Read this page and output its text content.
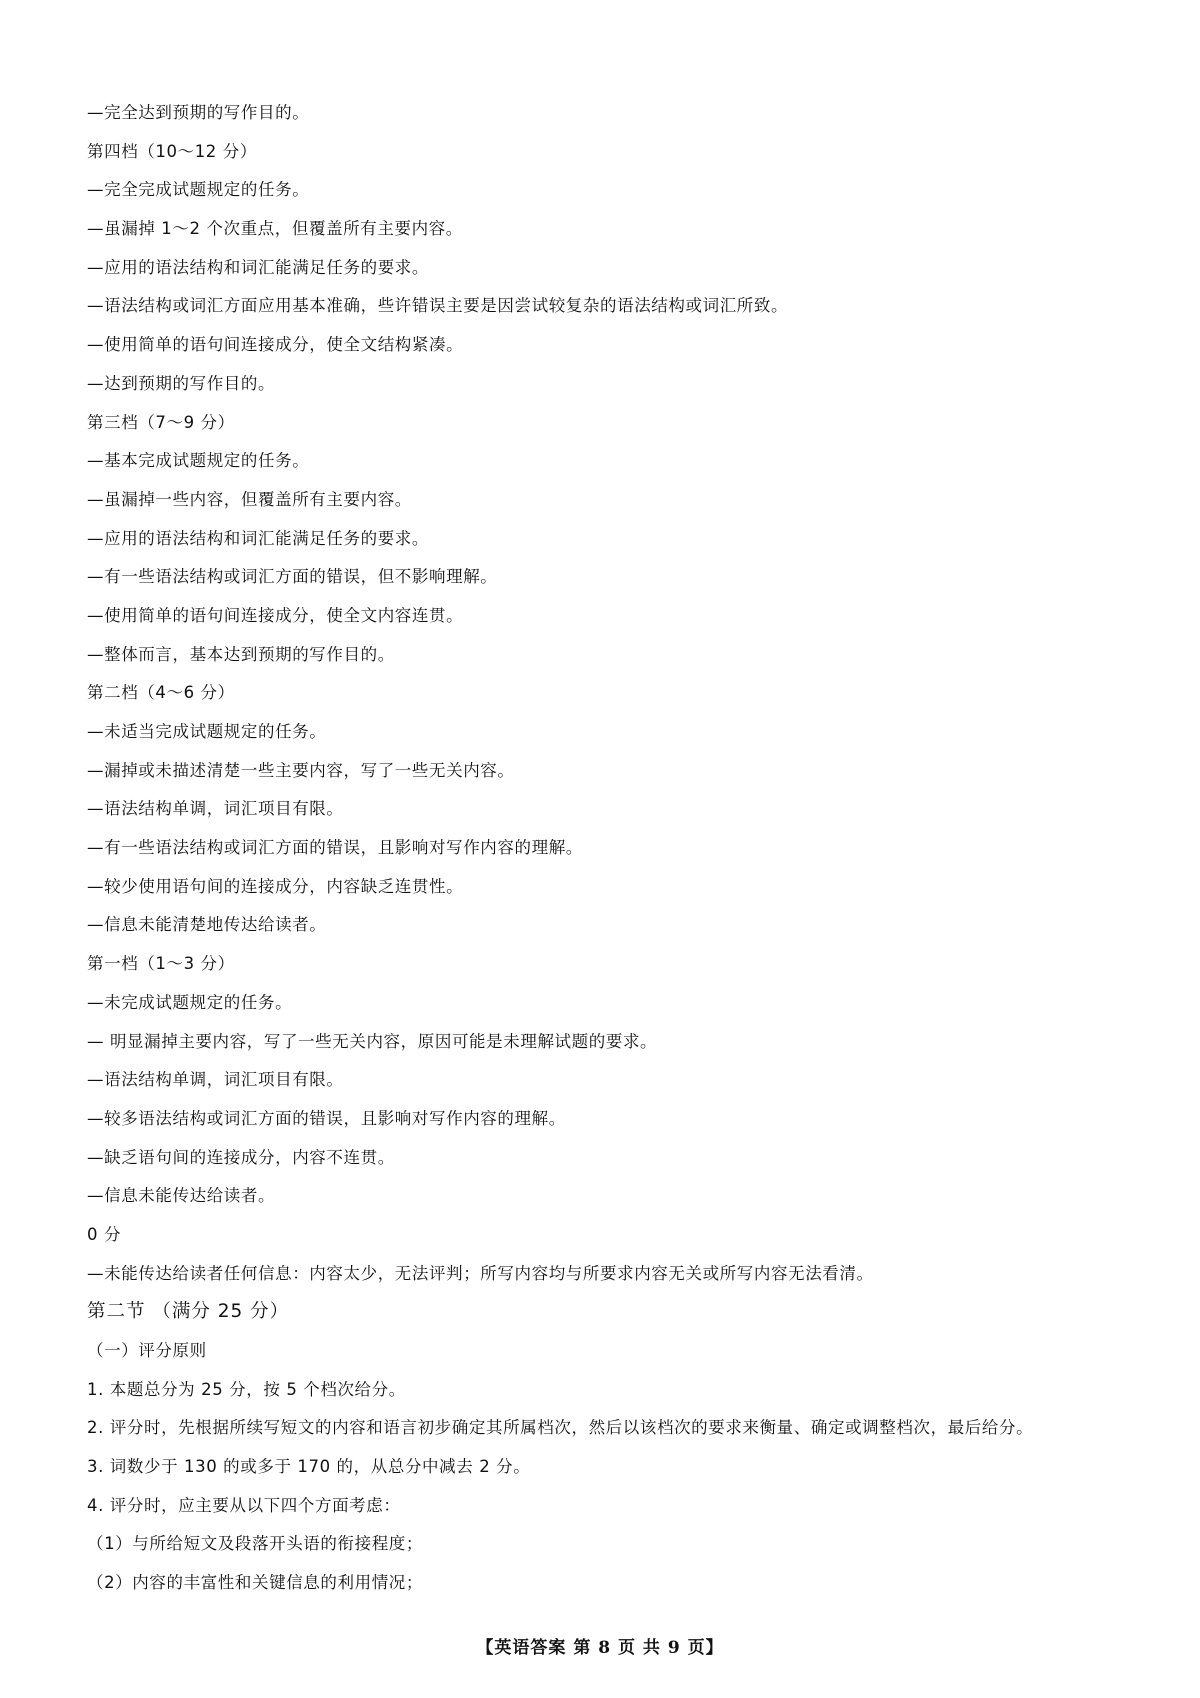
—完全达到预期的写作目的。
第四档（10～12 分）
—完全完成试题规定的任务。
—虽漏掉 1～2 个次重点，但覆盖所有主要内容。
—应用的语法结构和词汇能满足任务的要求。
—语法结构或词汇方面应用基本准确，些许错误主要是因尝试较复杂的语法结构或词汇所致。
—使用简单的语句间连接成分，使全文结构紧凑。
—达到预期的写作目的。
第三档（7～9 分）
—基本完成试题规定的任务。
—虽漏掉一些内容，但覆盖所有主要内容。
—应用的语法结构和词汇能满足任务的要求。
—有一些语法结构或词汇方面的错误，但不影响理解。
—使用简单的语句间连接成分，使全文内容连贯。
—整体而言，基本达到预期的写作目的。
第二档（4～6 分）
—未适当完成试题规定的任务。
—漏掉或未描述清楚一些主要内容，写了一些无关内容。
—语法结构单调，词汇项目有限。
—有一些语法结构或词汇方面的错误，且影响对写作内容的理解。
—较少使用语句间的连接成分，内容缺乏连贯性。
—信息未能清楚地传达给读者。
第一档（1～3 分）
—未完成试题规定的任务。
— 明显漏掉主要内容，写了一些无关内容，原因可能是未理解试题的要求。
—语法结构单调，词汇项目有限。
—较多语法结构或词汇方面的错误，且影响对写作内容的理解。
—缺乏语句间的连接成分，内容不连贯。
—信息未能传达给读者。
0 分
—未能传达给读者任何信息：内容太少，无法评判；所写内容均与所要求内容无关或所写内容无法看清。
第二节 （满分 25 分）
（一）评分原则
1. 本题总分为 25 分，按 5 个档次给分。
2. 评分时，先根据所续写短文的内容和语言初步确定其所属档次，然后以该档次的要求来衡量、确定或调整档次，最后给分。
3. 词数少于 130 的或多于 170 的，从总分中减去 2 分。
4. 评分时，应主要从以下四个方面考虑：
（1）与所给短文及段落开头语的衔接程度；
（2）内容的丰富性和关键信息的利用情况；
【英语答案 第 8 页 共 9 页】
